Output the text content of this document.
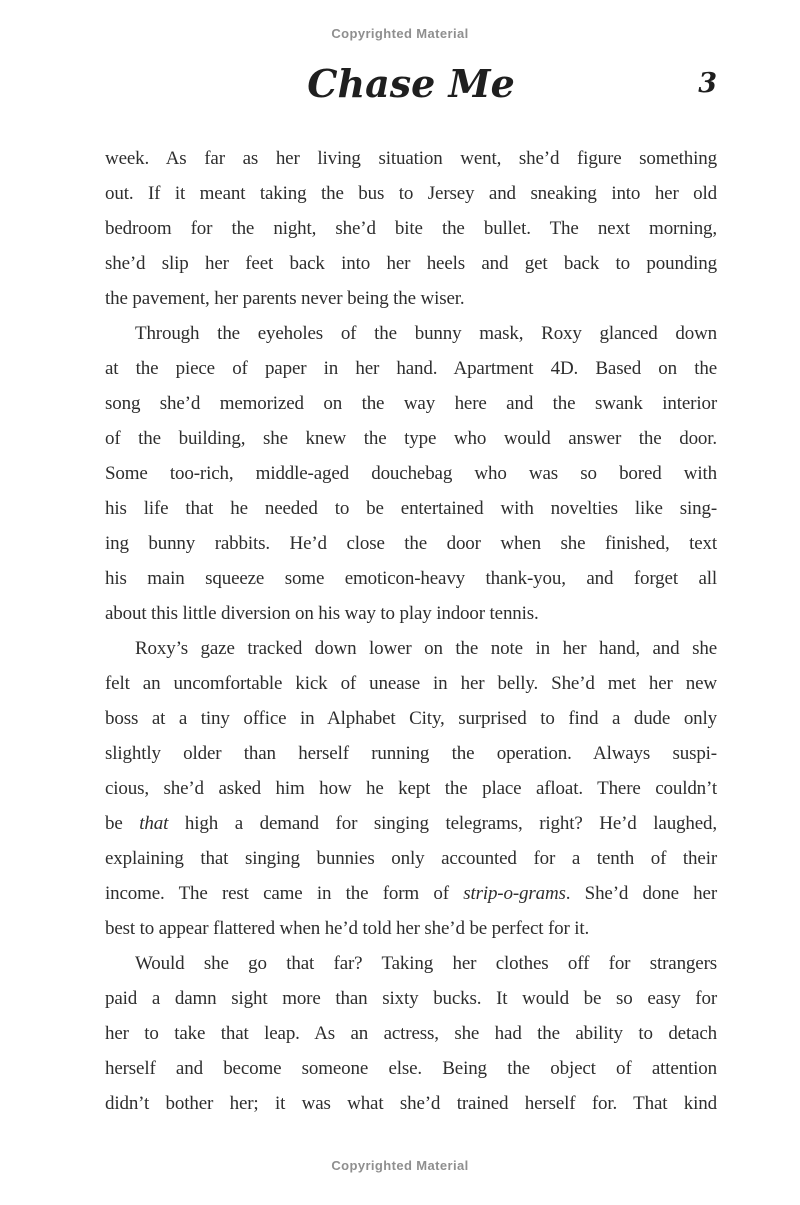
Copyrighted Material
Chase Me	3
week. As far as her living situation went, she’d figure something
out. If it meant taking the bus to Jersey and sneaking into her old
bedroom for the night, she’d bite the bullet. The next morning,
she’d slip her feet back into her heels and get back to pounding
the pavement, her parents never being the wiser.
Through the eyeholes of the bunny mask, Roxy glanced down
at the piece of paper in her hand. Apartment 4D. Based on the
song she’d memorized on the way here and the swank interior
of the building, she knew the type who would answer the door.
Some too-rich, middle-aged douchebag who was so bored with
his life that he needed to be entertained with novelties like sing-
ing bunny rabbits. He’d close the door when she finished, text
his main squeeze some emoticon-heavy thank-you, and forget all
about this little diversion on his way to play indoor tennis.
Roxy’s gaze tracked down lower on the note in her hand, and she
felt an uncomfortable kick of unease in her belly. She’d met her new
boss at a tiny office in Alphabet City, surprised to find a dude only
slightly older than herself running the operation. Always suspi-
cious, she’d asked him how he kept the place afloat. There couldn’t
be that high a demand for singing telegrams, right? He’d laughed,
explaining that singing bunnies only accounted for a tenth of their
income. The rest came in the form of strip-o-grams. She’d done her
best to appear flattered when he’d told her she’d be perfect for it.
Would she go that far? Taking her clothes off for strangers
paid a damn sight more than sixty bucks. It would be so easy for
her to take that leap. As an actress, she had the ability to detach
herself and become someone else. Being the object of attention
didn’t bother her; it was what she’d trained herself for. That kind
Copyrighted Material
